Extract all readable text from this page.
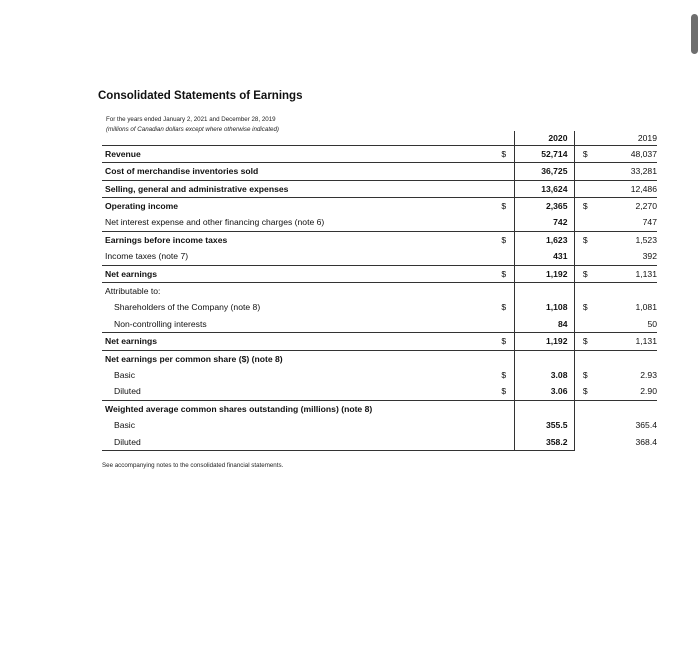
Consolidated Statements of Earnings
For the years ended January 2, 2021 and December 28, 2019
(millions of Canadian dollars except where otherwise indicated)
		2020		2019
Revenue	$	52,714	$	48,037
Cost of merchandise inventories sold		36,725		33,281
Selling, general and administrative expenses		13,624		12,486
Operating income	$	2,365	$	2,270
Net interest expense and other financing charges (note 6)		742		747
Earnings before income taxes	$	1,623	$	1,523
Income taxes (note 7)		431		392
Net earnings	$	1,192	$	1,131
Attributable to:				
Shareholders of the Company (note 8)	$	1,108	$	1,081
Non-controlling interests		84		50
Net earnings	$	1,192	$	1,131
Net earnings per common share ($) (note 8)				
Basic	$	3.08	$	2.93
Diluted	$	3.06	$	2.90
Weighted average common shares outstanding (millions) (note 8)				
Basic		355.5		365.4
Diluted		358.2		368.4
See accompanying notes to the consolidated financial statements.
